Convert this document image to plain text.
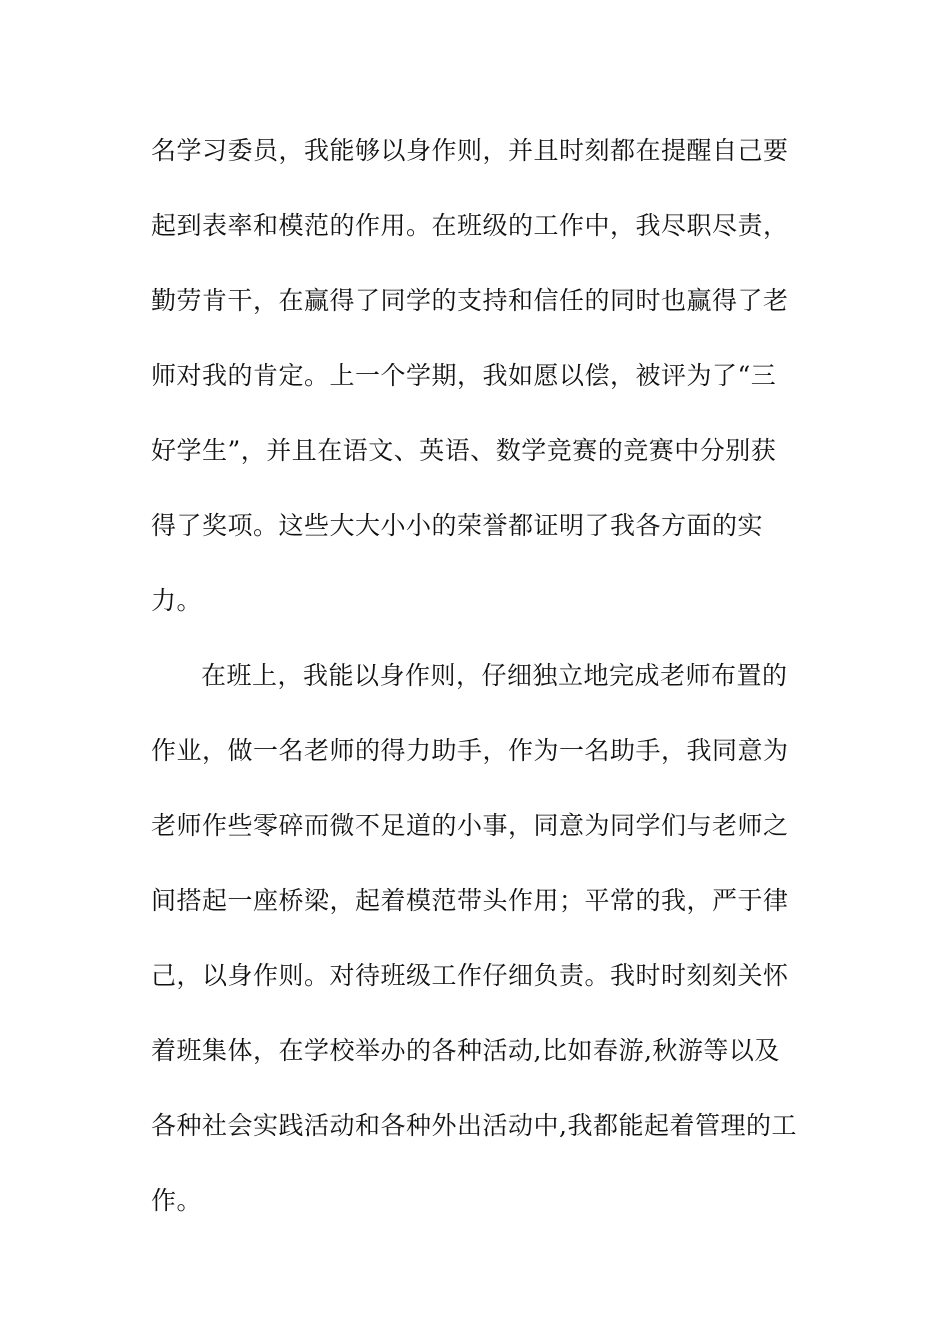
名学习委员，我能够以身作则，并且时刻都在提醒自己要
起到表率和模范的作用。在班级的工作中，我尽职尽责，
勤劳肯干，在赢得了同学的支持和信任的同时也赢得了老
师对我的肯定。上一个学期，我如愿以偿，被评为了“三
好学生”，并且在语文、英语、数学竞赛的竞赛中分别获
得了奖项。这些大大小小的荣誉都证明了我各方面的实
力。
在班上，我能以身作则，仔细独立地完成老师布置的
作业，做一名老师的得力助手，作为一名助手，我同意为
老师作些零碎而微不足道的小事，同意为同学们与老师之
间搭起一座桥梁，起着模范带头作用；平常的我，严于律
己，以身作则。对待班级工作仔细负责。我时时刻刻关怀
着班集体，在学校举办的各种活动,比如春游,秋游等以及
各种社会实践活动和各种外出活动中,我都能起着管理的工
作。
